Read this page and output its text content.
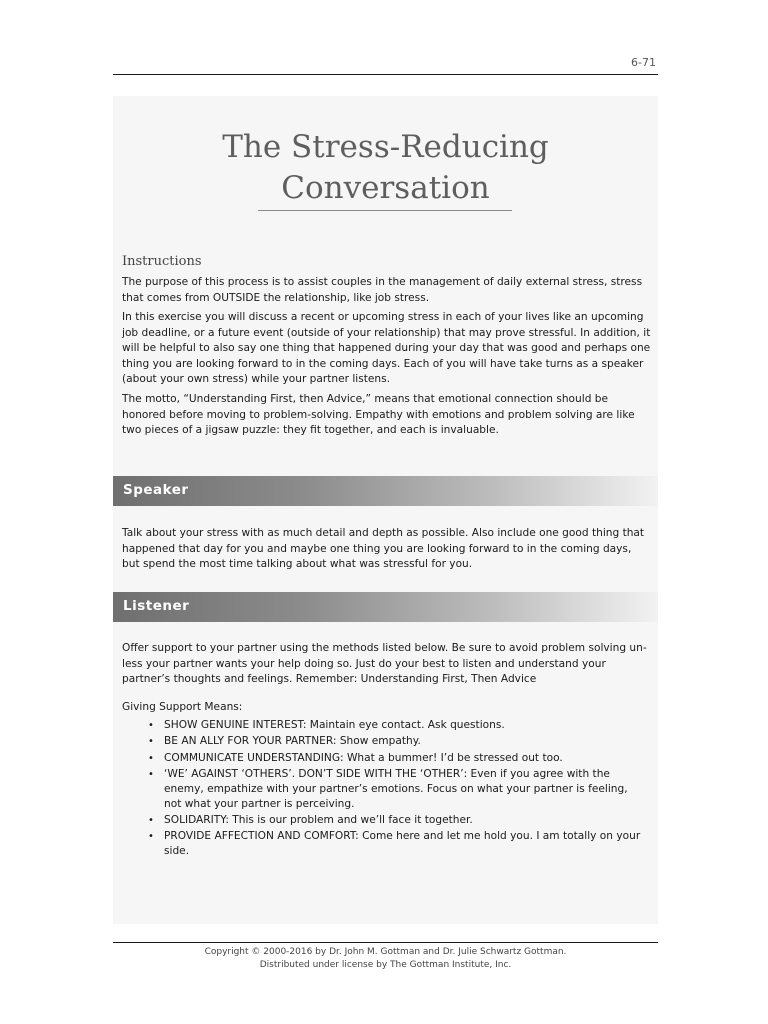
6-71
The Stress-Reducing
Conversation
Instructions

The purpose of this process is to assist couples in the management of daily external stress, stress that comes from OUTSIDE the relationship, like job stress.

In this exercise you will discuss a recent or upcoming stress in each of your lives like an upcoming job deadline, or a future event (outside of your relationship) that may prove stressful. In addition, it will be helpful to also say one thing that happened during your day that was good and perhaps one thing you are looking forward to in the coming days. Each of you will have take turns as a speaker (about your own stress) while your partner listens.

The motto, “Understanding First, then Advice,” means that emotional connection should be honored before moving to problem-solving. Empathy with emotions and problem solving are like two pieces of a jigsaw puzzle: they fit together, and each is invaluable.

Speaker

Talk about your stress with as much detail and depth as possible. Also include one good thing that happened that day for you and maybe one thing you are looking forward to in the coming days, but spend the most time talking about what was stressful for you.

Listener

Offer support to your partner using the methods listed below. Be sure to avoid problem solving un-less your partner wants your help doing so. Just do your best to listen and understand your partner’s thoughts and feelings. Remember: Understanding First, Then Advice

Giving Support Means:

• SHOW GENUINE INTEREST: Maintain eye contact. Ask questions.
• BE AN ALLY FOR YOUR PARTNER: Show empathy.
• COMMUNICATE UNDERSTANDING: What a bummer! I’d be stressed out too.
• ‘WE’ AGAINST ‘OTHERS’. DON’T SIDE WITH THE ‘OTHER’: Even if you agree with the enemy, empathize with your partner’s emotions. Focus on what your partner is feeling, not what your partner is perceiving.
• SOLIDARITY: This is our problem and we’ll face it together.
• PROVIDE AFFECTION AND COMFORT: Come here and let me hold you. I am totally on your side.
Copyright © 2000-2016 by Dr. John M. Gottman and Dr. Julie Schwartz Gottman.
Distributed under license by The Gottman Institute, Inc.
